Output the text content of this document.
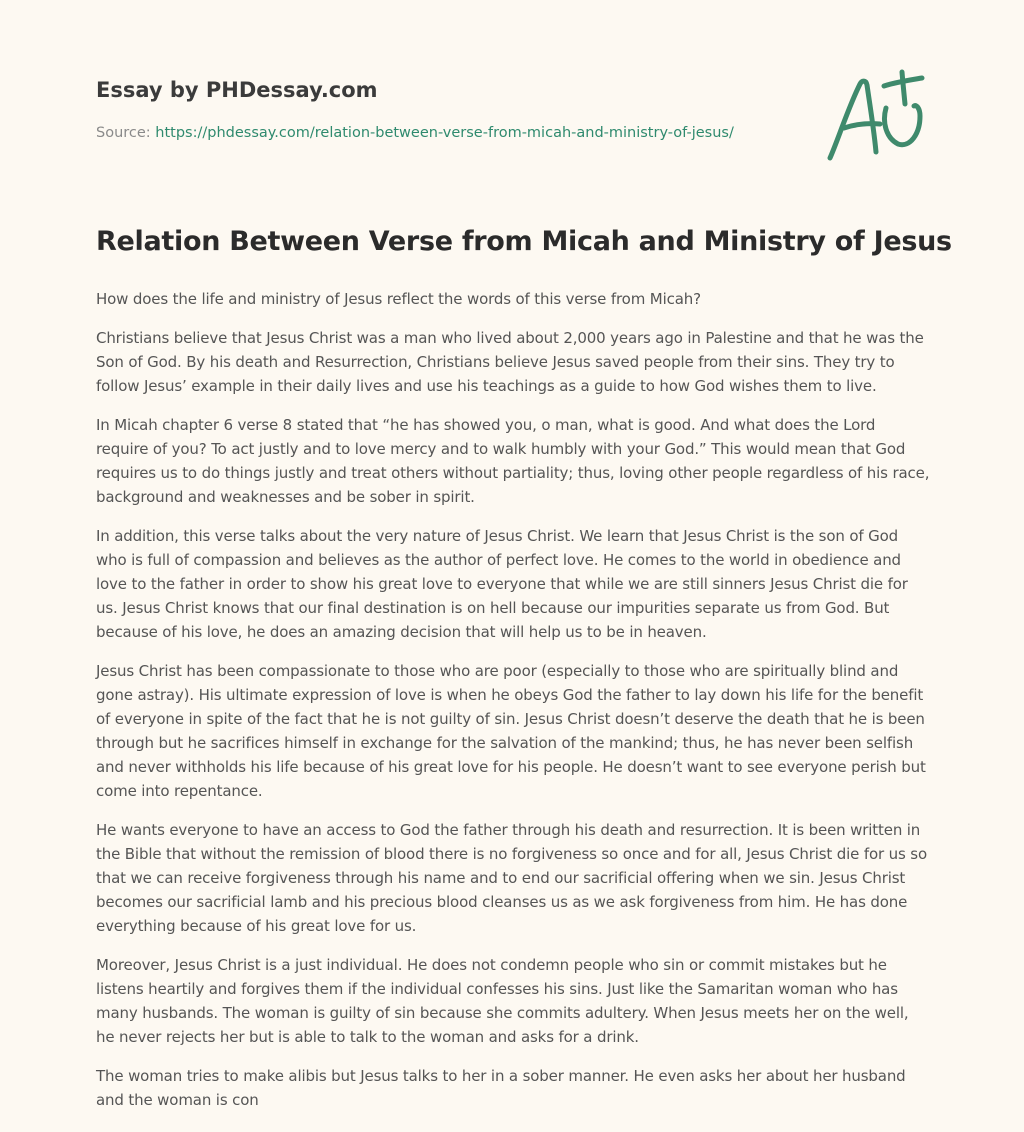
Essay by PHDessay.com
Source: https://phdessay.com/relation-between-verse-from-micah-and-ministry-of-jesus/
Relation Between Verse from Micah and Ministry of Jesus

How does the life and ministry of Jesus reflect the words of this verse from Micah?

Christians believe that Jesus Christ was a man who lived about 2,000 years ago in Palestine and that he was the Son of God. By his death and Resurrection, Christians believe Jesus saved people from their sins. They try to follow Jesus’ example in their daily lives and use his teachings as a guide to how God wishes them to live.

In Micah chapter 6 verse 8 stated that “he has showed you, o man, what is good. And what does the Lord require of you? To act justly and to love mercy and to walk humbly with your God.” This would mean that God requires us to do things justly and treat others without partiality; thus, loving other people regardless of his race, background and weaknesses and be sober in spirit.

In addition, this verse talks about the very nature of Jesus Christ. We learn that Jesus Christ is the son of God who is full of compassion and believes as the author of perfect love. He comes to the world in obedience and love to the father in order to show his great love to everyone that while we are still sinners Jesus Christ die for us. Jesus Christ knows that our final destination is on hell because our impurities separate us from God. But because of his love, he does an amazing decision that will help us to be in heaven.

Jesus Christ has been compassionate to those who are poor (especially to those who are spiritually blind and gone astray). His ultimate expression of love is when he obeys God the father to lay down his life for the benefit of everyone in spite of the fact that he is not guilty of sin. Jesus Christ doesn’t deserve the death that he is been through but he sacrifices himself in exchange for the salvation of the mankind; thus, he has never been selfish and never withholds his life because of his great love for his people. He doesn’t want to see everyone perish but come into repentance.

He wants everyone to have an access to God the father through his death and resurrection. It is been written in the Bible that without the remission of blood there is no forgiveness so once and for all, Jesus Christ die for us so that we can receive forgiveness through his name and to end our sacrificial offering when we sin. Jesus Christ becomes our sacrificial lamb and his precious blood cleanses us as we ask forgiveness from him. He has done everything because of his great love for us.

Moreover, Jesus Christ is a just individual. He does not condemn people who sin or commit mistakes but he listens heartily and forgives them if the individual confesses his sins. Just like the Samaritan woman who has many husbands. The woman is guilty of sin because she commits adultery. When Jesus meets her on the well, he never rejects her but is able to talk to the woman and asks for a drink.

The woman tries to make alibis but Jesus talks to her in a sober manner. He even asks her about her husband and the woman is con
